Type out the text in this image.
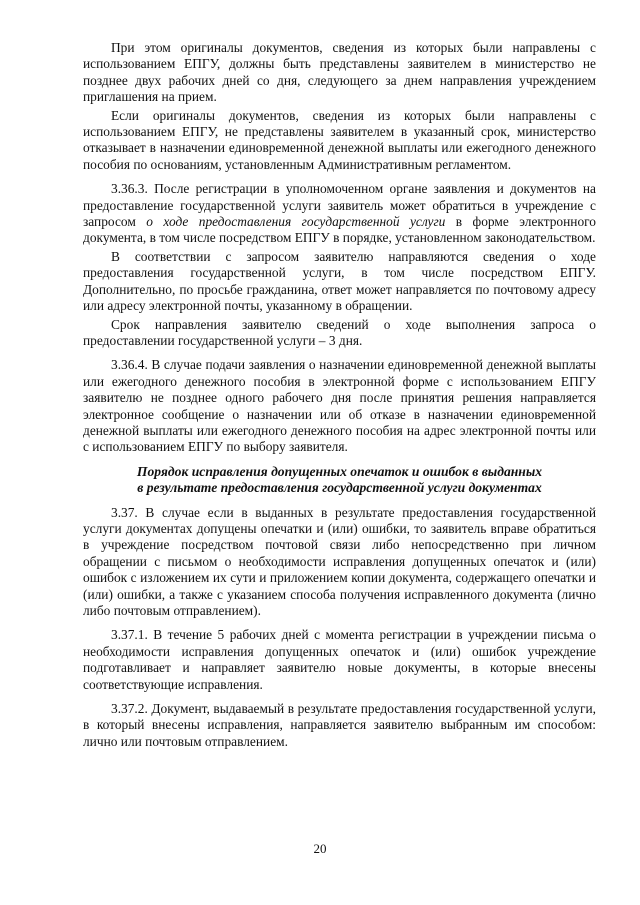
При этом оригиналы документов, сведения из которых были направлены с использованием ЕПГУ, должны быть представлены заявителем в министерство не позднее двух рабочих дней со дня, следующего за днем направления учреждением приглашения на прием.

Если оригиналы документов, сведения из которых были направлены с использованием ЕПГУ, не представлены заявителем в указанный срок, министерство отказывает в назначении единовременной денежной выплаты или ежегодного денежного пособия по основаниям, установленным Административным регламентом.

3.36.3. После регистрации в уполномоченном органе заявления и документов на предоставление государственной услуги заявитель может обратиться в учреждение с запросом о ходе предоставления государственной услуги в форме электронного документа, в том числе посредством ЕПГУ в порядке, установленном законодательством.

В соответствии с запросом заявителю направляются сведения о ходе предоставления государственной услуги, в том числе посредством ЕПГУ. Дополнительно, по просьбе гражданина, ответ может направляется по почтовому адресу или адресу электронной почты, указанному в обращении.

Срок направления заявителю сведений о ходе выполнения запроса о предоставлении государственной услуги – 3 дня.

3.36.4. В случае подачи заявления о назначении единовременной денежной выплаты или ежегодного денежного пособия в электронной форме с использованием ЕПГУ заявителю не позднее одного рабочего дня после принятия решения направляется электронное сообщение о назначении или об отказе в назначении единовременной денежной выплаты или ежегодного денежного пособия на адрес электронной почты или с использованием ЕПГУ по выбору заявителя.

Порядок исправления допущенных опечаток и ошибок в выданных
в результате предоставления государственной услуги документах

3.37. В случае если в выданных в результате предоставления государственной услуги документах допущены опечатки и (или) ошибки, то заявитель вправе обратиться в учреждение посредством почтовой связи либо непосредственно при личном обращении с письмом о необходимости исправления допущенных опечаток и (или) ошибок с изложением их сути и приложением копии документа, содержащего опечатки и (или) ошибки, а также с указанием способа получения исправленного документа (лично либо почтовым отправлением).

3.37.1. В течение 5 рабочих дней с момента регистрации в учреждении письма о необходимости исправления допущенных опечаток и (или) ошибок учреждение подготавливает и направляет заявителю новые документы, в которые внесены соответствующие исправления.

3.37.2. Документ, выдаваемый в результате предоставления государственной услуги, в который внесены исправления, направляется заявителю выбранным им способом: лично или почтовым отправлением.

20
